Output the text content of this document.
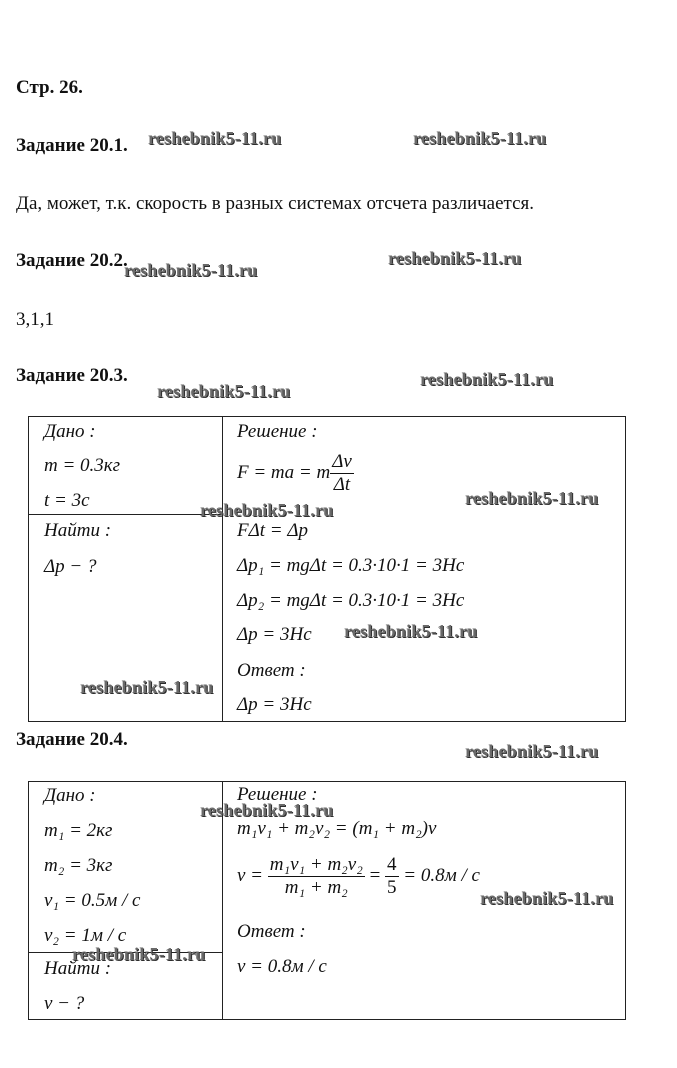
Стр. 26.
Задание 20.1.
Да, может, т.к. скорость в разных системах отсчета различается.
Задание 20.2.
3,1,1
Задание 20.3.
Дано :
m = 0.3кг
t = 3c
Найти :
Δp − ?
Решение :
F = ma = m $\frac{\Delta v}{\Delta t}$
FΔt = Δp
Δp₁ = mgΔt = 0.3·10·1 = 3Hc
Δp₂ = mgΔt = 0.3·10·1 = 3Hc
Δp = 3Hc
Ответ :
Δp = 3Hc
Задание 20.4.
Дано :
m₁ = 2кг
m₂ = 3кг
v₁ = 0.5м / c
v₂ = 1м / c
Найти :
v − ?
Решение :
m₁v₁ + m₂v₂ = (m₁ + m₂)v
$v = \frac{\text{m₁v₁ + m₂v₂}}{\text{m₁ + m₂}} = \frac{4}{5} = 0.8м / c$
Ответ :
v = 0.8м / c
reshebnik5-11.ru	reshebnik5-11.ru
reshebnik5-11.ru
reshebnik5-11.ru
reshebnik5-11.ru
reshebnik5-11.ru
reshebnik5-11.ru
reshebnik5-11.ru
reshebnik5-11.ru
reshebnik5-11.ru
reshebnik5-11.ru
reshebnik5-11.ru
reshebnik5-11.ru
reshebnik5-11.ru
